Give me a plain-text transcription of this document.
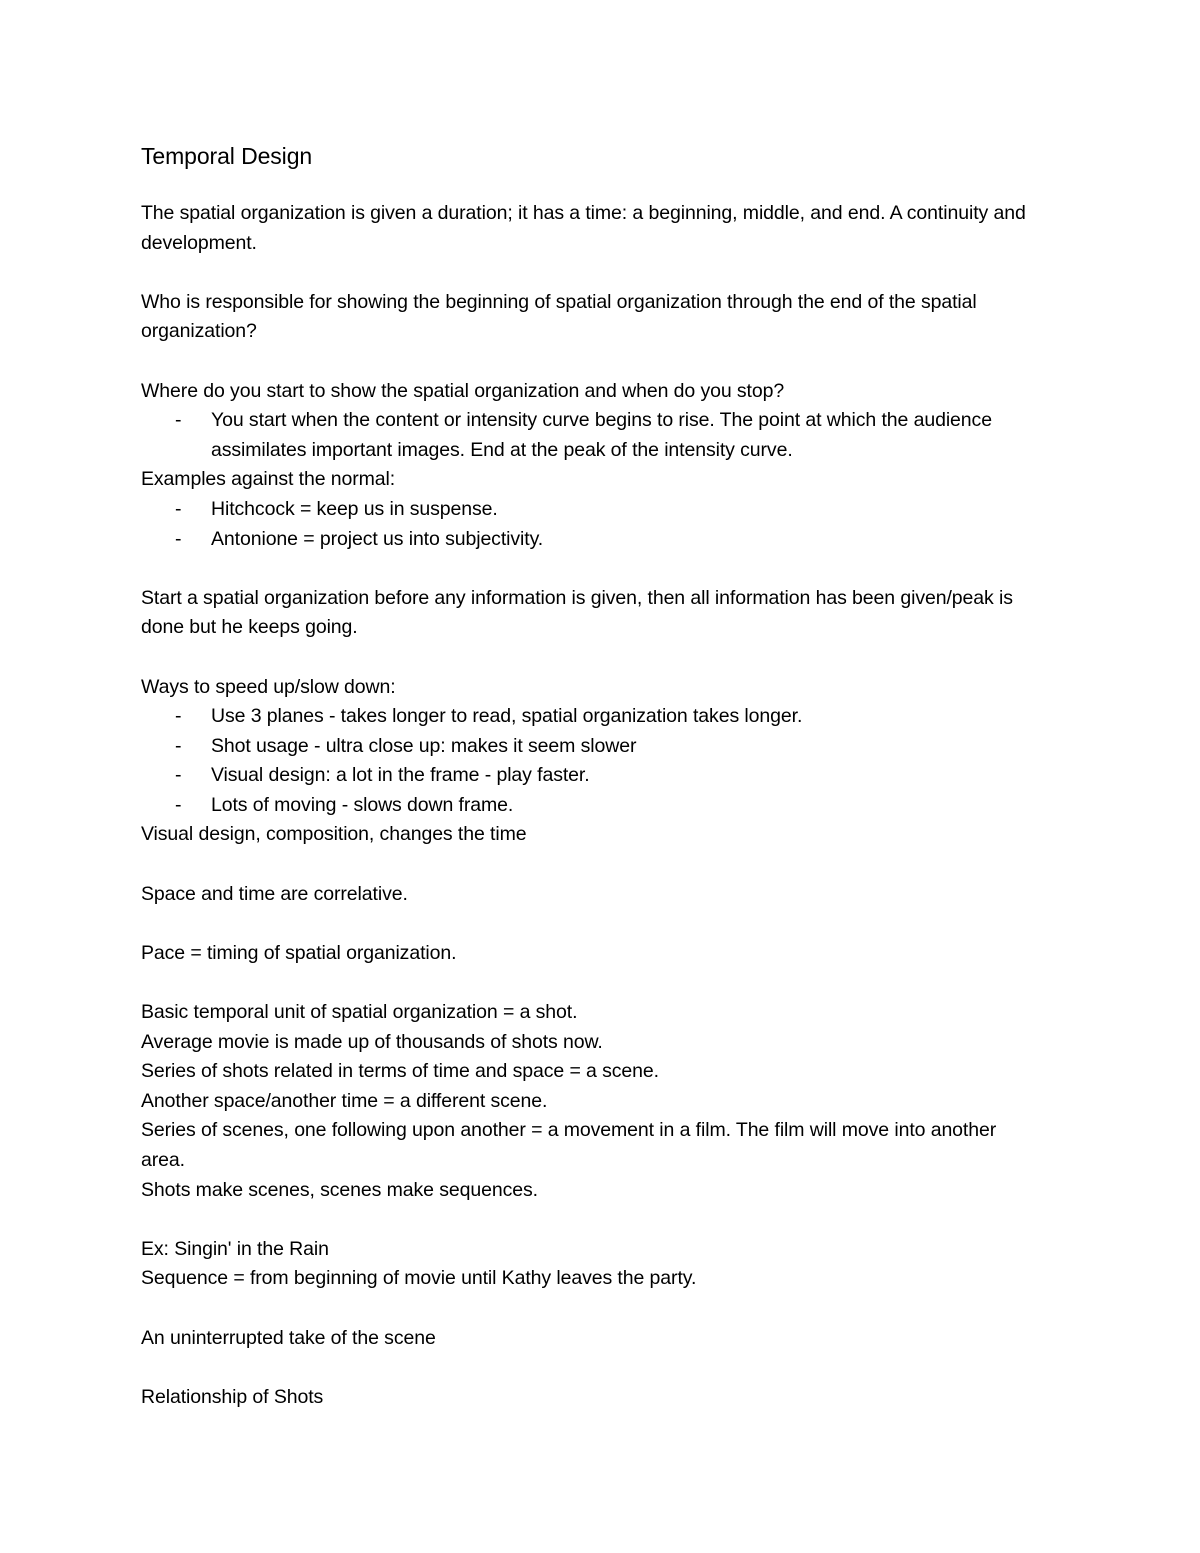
Temporal Design

The spatial organization is given a duration; it has a time: a beginning, middle, and end. A continuity and development.

Who is responsible for showing the beginning of spatial organization through the end of the spatial organization?

Where do you start to show the spatial organization and when do you stop?

- You start when the content or intensity curve begins to rise. The point at which the audience assimilates important images. End at the peak of the intensity curve.

Examples against the normal:

- Hitchcock = keep us in suspense.
- Antonione = project us into subjectivity.

Start a spatial organization before any information is given, then all information has been given/peak is done but he keeps going.

Ways to speed up/slow down:

- Use 3 planes - takes longer to read, spatial organization takes longer.
- Shot usage - ultra close up: makes it seem slower
- Visual design: a lot in the frame - play faster.
- Lots of moving - slows down frame.

Visual design, composition, changes the time

Space and time are correlative.

Pace = timing of spatial organization.

Basic temporal unit of spatial organization = a shot.

Average movie is made up of thousands of shots now.

Series of shots related in terms of time and space = a scene.

Another space/another time = a different scene.

Series of scenes, one following upon another = a movement in a film. The film will move into another area.

Shots make scenes, scenes make sequences.

Ex: Singin' in the Rain

Sequence = from beginning of movie until Kathy leaves the party.

An uninterrupted take of the scene

Relationship of Shots
